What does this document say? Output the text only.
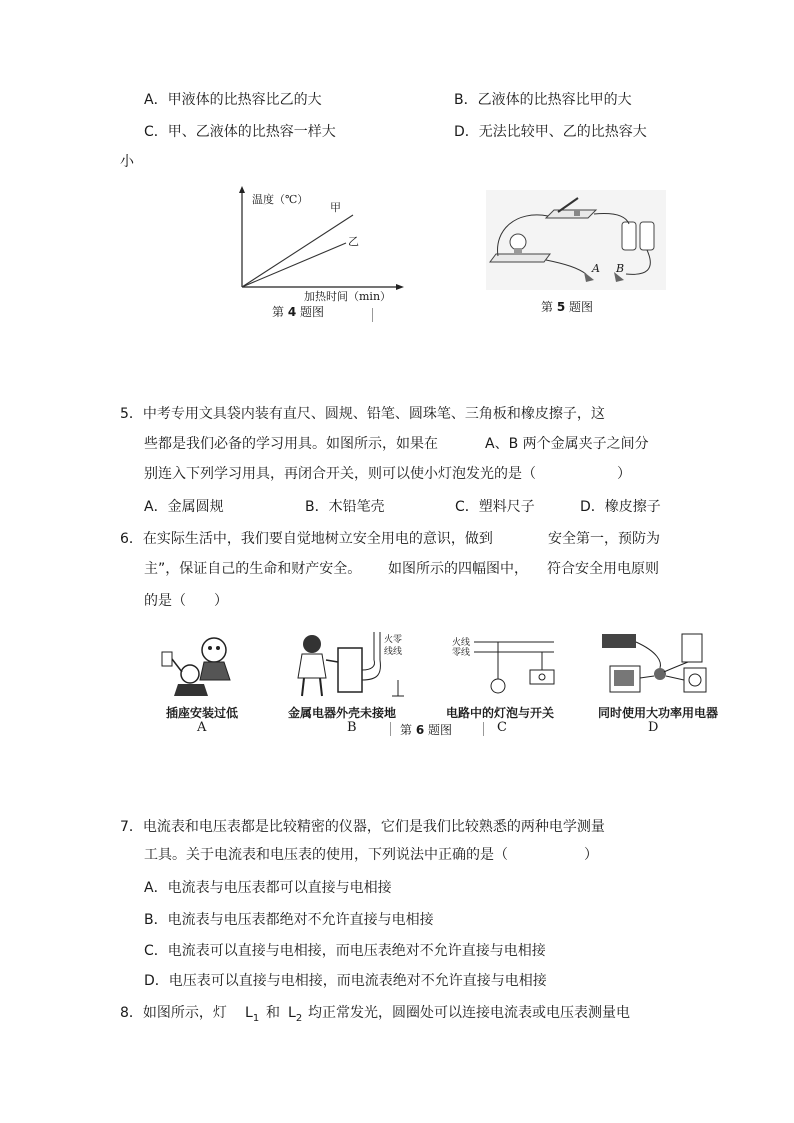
A．甲液体的比热容比乙的大	B．乙液体的比热容比甲的大
C．甲、乙液体的比热容一样大	D．无法比较甲、乙的比热容大
小
温度（℃）
甲
乙
加热时间（min）
第 4 题图
A B
第 5 题图
5．中考专用文具袋内装有直尺、圆规、铅笔、圆珠笔、三角板和橡皮擦子，这
些都是我们必备的学习用具。如图所示，如果在	A、B 两个金属夹子之间分
别连入下列学习用具，再闭合开关，则可以使小灯泡发光的是（	）
A．金属圆规	B．木铅笔壳	C．塑料尺子	D．橡皮擦子
6．在实际生活中，我们要自觉地树立安全用电的意识，做到	安全第一，预防为
主”，保证自己的生命和财产安全。 如图所示的四幅图中， 符合安全用电原则
的是（　　）
火零
线线
火线
零线
插座安装过低	金属电器外壳未接地	电路中的灯泡与开关	同时使用大功率用电器
A	B	C	D
第 6 题图
7．电流表和电压表都是比较精密的仪器，它们是我们比较熟悉的两种电学测量
工具。关于电流表和电压表的使用，下列说法中正确的是（	）
A．电流表与电压表都可以直接与电相接
B．电流表与电压表都绝对不允许直接与电相接
C．电流表可以直接与电相接，而电压表绝对不允许直接与电相接
D．电压表可以直接与电相接，而电流表绝对不允许直接与电相接
8．如图所示，灯 $L_1$ 和 $L_2$ 均正常发光，圆圈处可以连接电流表或电压表测量电
